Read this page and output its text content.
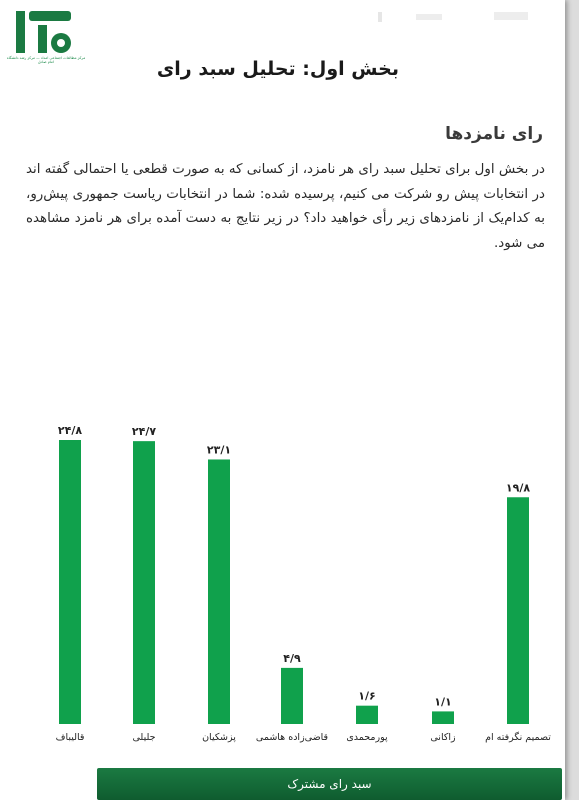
مرکز مطالعات اجتماعی امداد — مرکز رشد دانشگاه امام صادق	بخش اول: تحلیل سبد رای
رای نامزدها
در بخش اول برای تحلیل سبد رای هر نامزد، از کسانی که به صورت قطعی یا احتمالی گفته اند در انتخابات پیش رو شرکت می کنیم، پرسیده شده: شما در انتخابات ریاست جمهوری پیش‌رو، به کدام‌یک از نامزدهای زیر رأی خواهید داد؟ در زیر نتایج به دست آمده برای هر نامزد مشاهده می شود.
۲۴/۸
قالیباف
۲۴/۷
جلیلی
۲۳/۱
پزشکیان
۴/۹
قاضی‌زاده هاشمی
۱/۶
پورمحمدی
۱/۱
زاکانی
۱۹/۸
تصمیم نگرفته ام
سبد رای مشترک
